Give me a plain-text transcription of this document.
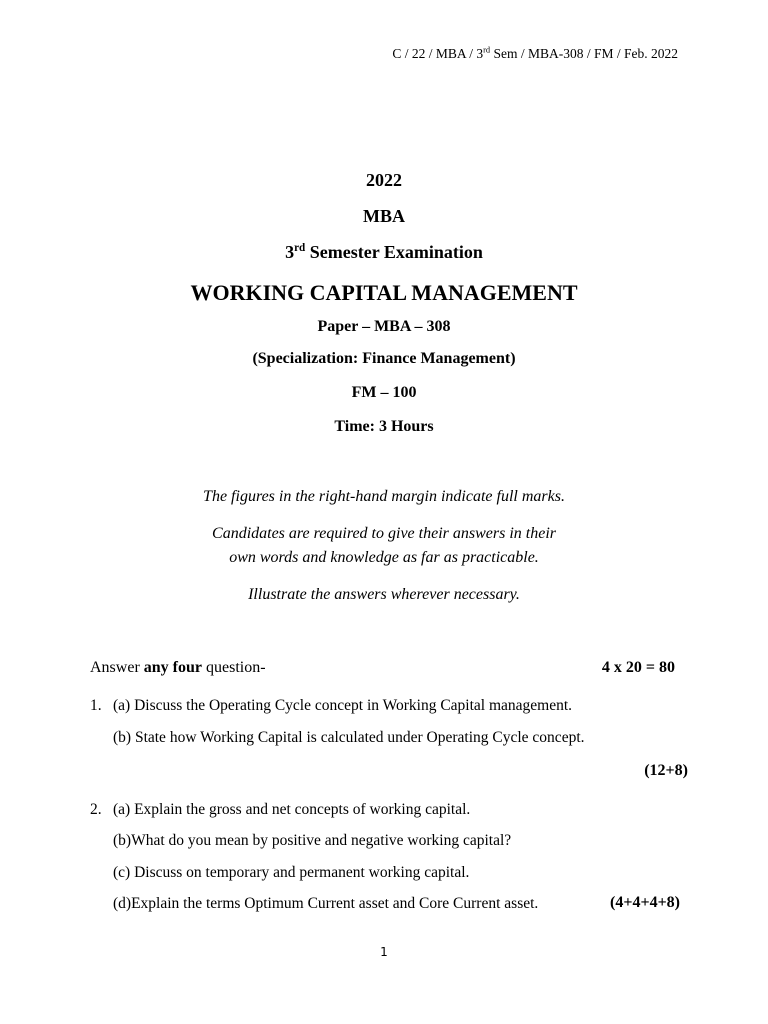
C / 22 / MBA / 3rd Sem / MBA-308 / FM / Feb. 2022
2022
MBA
3rd Semester Examination
WORKING CAPITAL MANAGEMENT
Paper – MBA – 308
(Specialization: Finance Management)
FM – 100
Time: 3 Hours
The figures in the right-hand margin indicate full marks.
Candidates are required to give their answers in their
own words and knowledge as far as practicable.
Illustrate the answers wherever necessary.
Answer any four question-	4 x 20 = 80
1. (a) Discuss the Operating Cycle concept in Working Capital management.
(b) State how Working Capital is calculated under Operating Cycle concept.
(12+8)
2. (a) Explain the gross and net concepts of working capital.
(b)What do you mean by positive and negative working capital?
(c) Discuss on temporary and permanent working capital.
(d)Explain the terms Optimum Current asset and Core Current asset.	(4+4+4+8)
1
